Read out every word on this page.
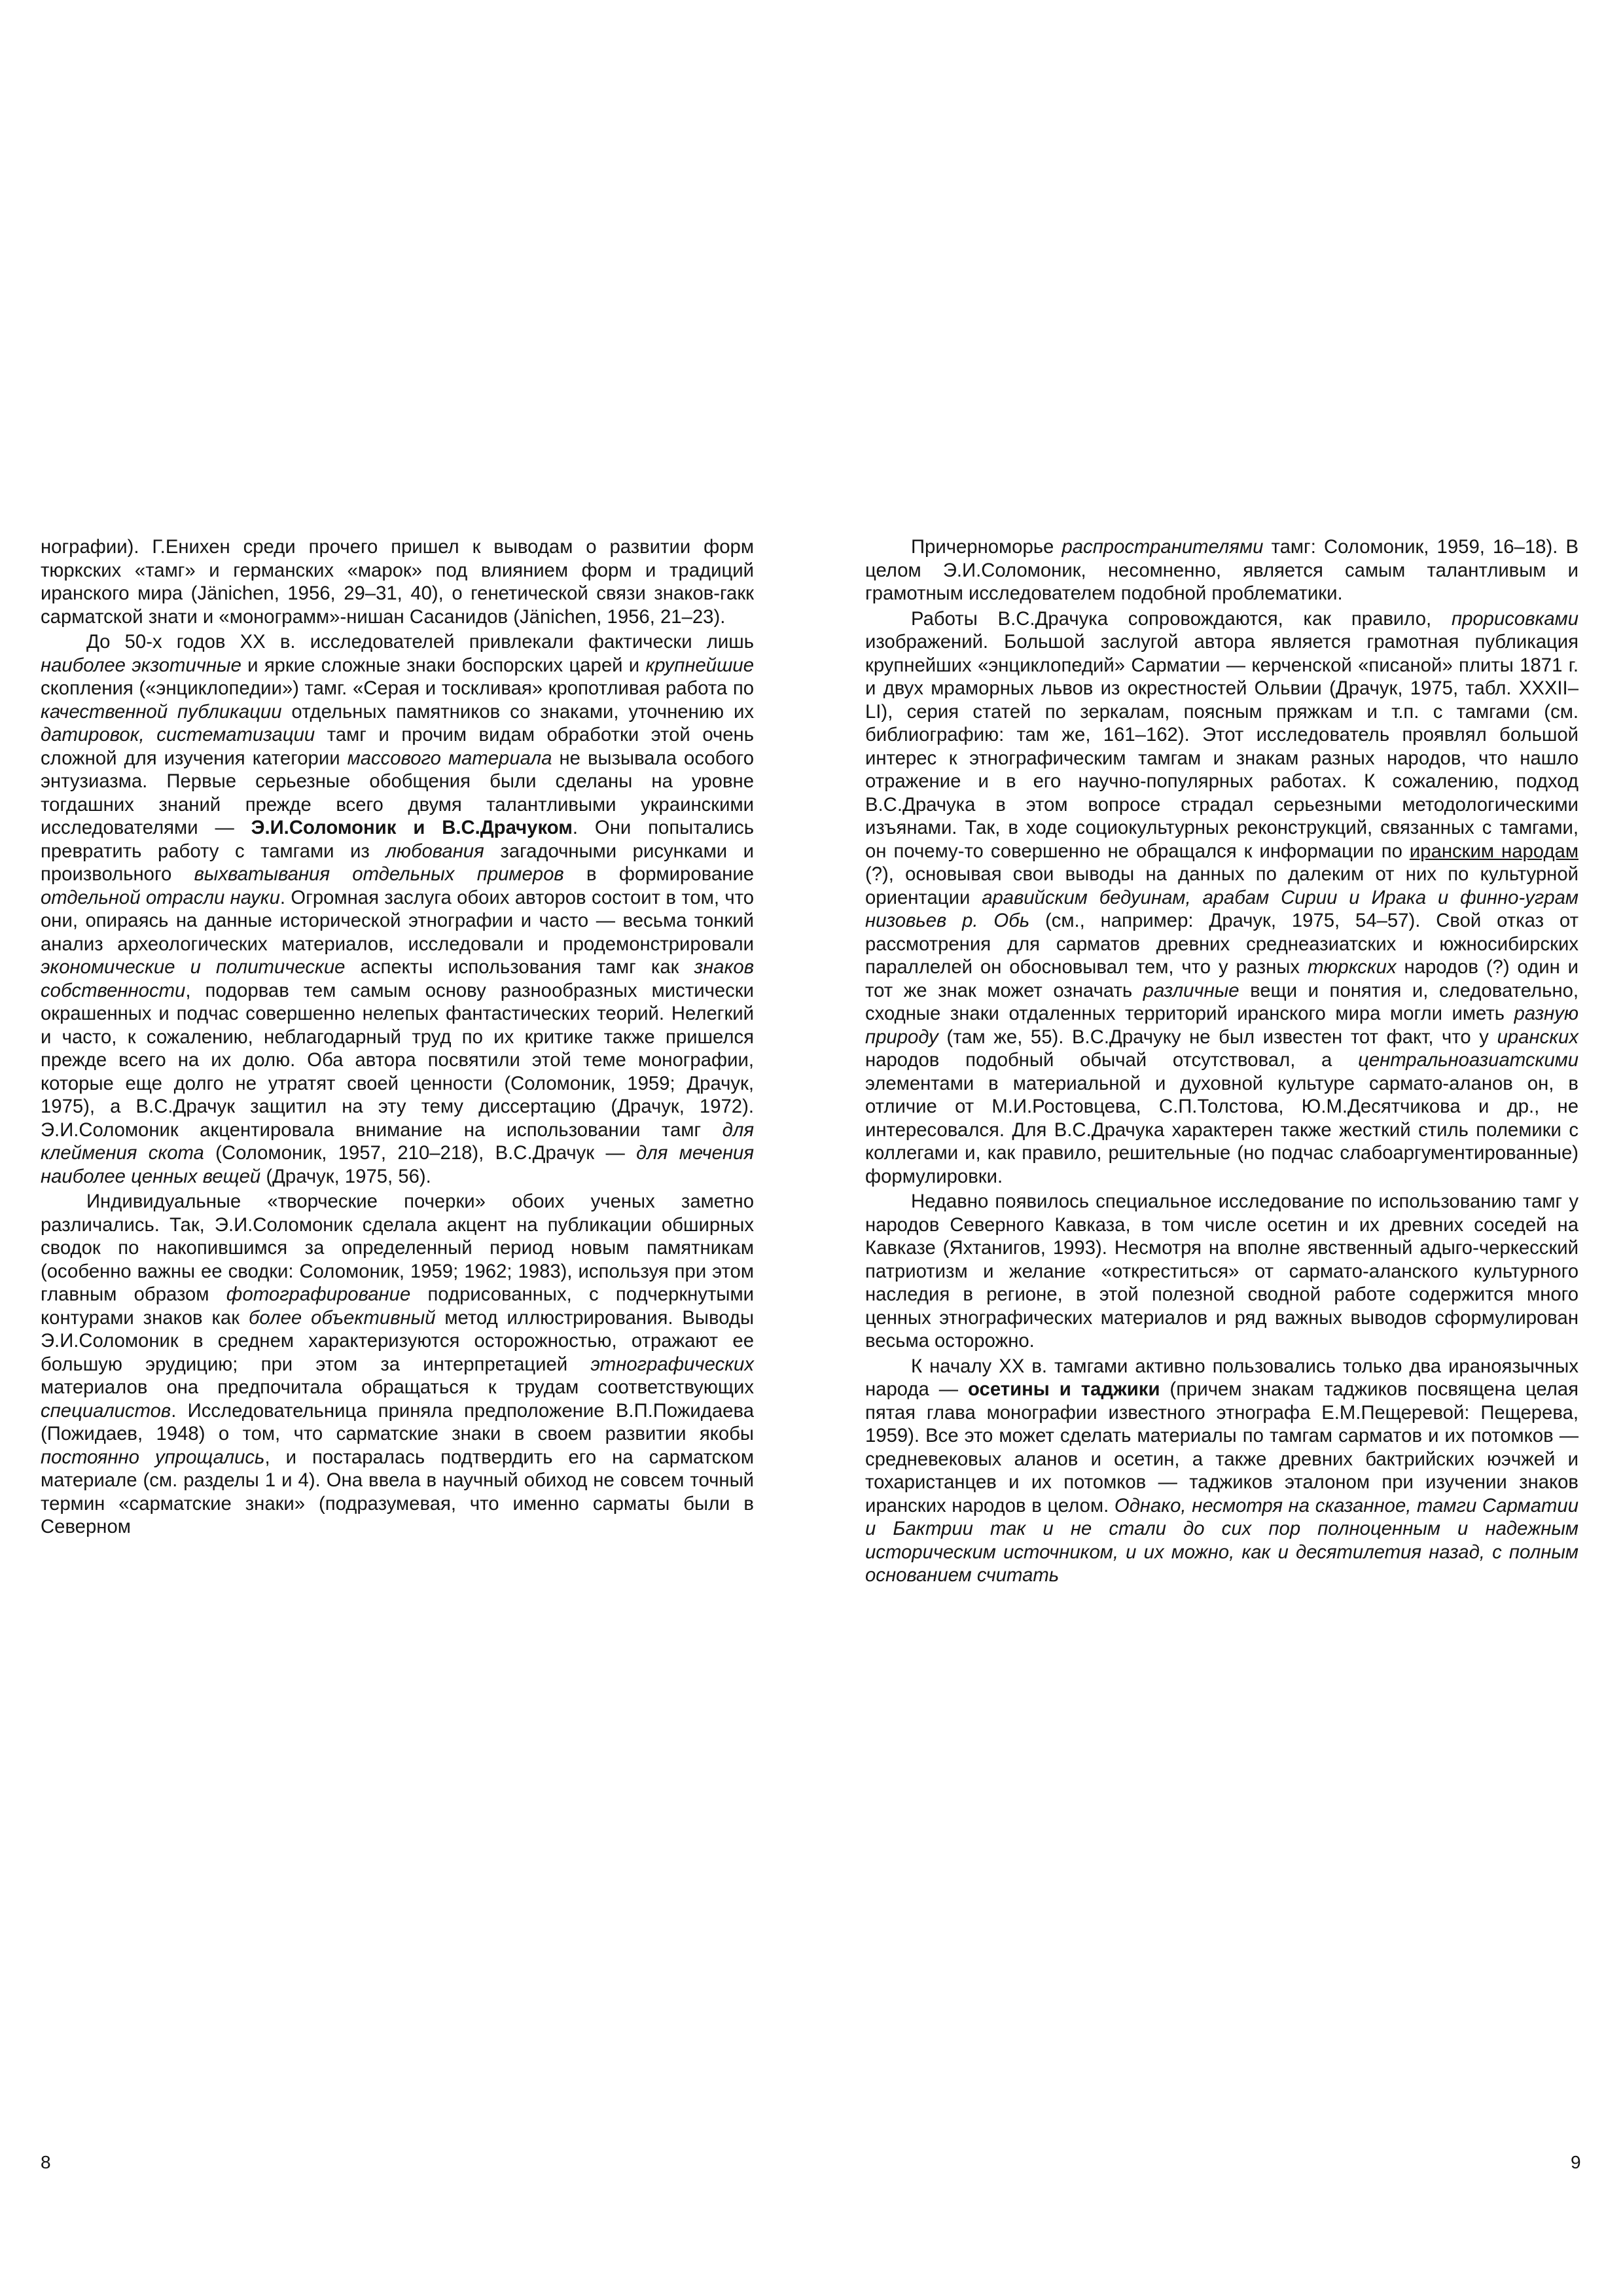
нографии). Г.Енихен среди прочего пришел к выводам о развитии форм тюркских «тамг» и германских «марок» под влиянием форм и традиций иранского мира (Jänichen, 1956, 29–31, 40), о генетической связи знаков-гакк сарматской знати и «монограмм»-нишан Сасанидов (Jänichen, 1956, 21–23).

До 50-х годов XX в. исследователей привлекали фактически лишь наиболее экзотичные и яркие сложные знаки боспорских царей и крупнейшие скопления («энциклопедии») тамг. «Серая и тоскливая» кропотливая работа по качественной публикации отдельных памятников со знаками, уточнению их датировок, систематизации тамг и прочим видам обработки этой очень сложной для изучения категории массового материала не вызывала особого энтузиазма. Первые серьезные обобщения были сделаны на уровне тогдашних знаний прежде всего двумя талантливыми украинскими исследователями — Э.И.Соломоник и В.С.Драчуком. Они попытались превратить работу с тамгами из любования загадочными рисунками и произвольного выхватывания отдельных примеров в формирование отдельной отрасли науки. Огромная заслуга обоих авторов состоит в том, что они, опираясь на данные исторической этнографии и часто — весьма тонкий анализ археологических материалов, исследовали и продемонстрировали экономические и политические аспекты использования тамг как знаков собственности, подорвав тем самым основу разнообразных мистически окрашенных и подчас совершенно нелепых фантастических теорий. Нелегкий и часто, к сожалению, неблагодарный труд по их критике также пришелся прежде всего на их долю. Оба автора посвятили этой теме монографии, которые еще долго не утратят своей ценности (Соломоник, 1959; Драчук, 1975), а В.С.Драчук защитил на эту тему диссертацию (Драчук, 1972). Э.И.Соломоник акцентировала внимание на использовании тамг для клеймения скота (Соломоник, 1957, 210–218), В.С.Драчук — для мечения наиболее ценных вещей (Драчук, 1975, 56).

Индивидуальные «творческие почерки» обоих ученых заметно различались. Так, Э.И.Соломоник сделала акцент на публикации обширных сводок по накопившимся за определенный период новым памятникам (особенно важны ее сводки: Соломоник, 1959; 1962; 1983), используя при этом главным образом фотографирование подрисованных, с подчеркнутыми контурами знаков как более объективный метод иллюстрирования. Выводы Э.И.Соломоник в среднем характеризуются осторожностью, отражают ее большую эрудицию; при этом за интерпретацией этнографических материалов она предпочитала обращаться к трудам соответствующих специалистов. Исследовательница приняла предположение В.П.Пожидаева (Пожидаев, 1948) о том, что сарматские знаки в своем развитии якобы постоянно упрощались, и постаралась подтвердить его на сарматском материале (см. разделы 1 и 4). Она ввела в научный обиход не совсем точный термин «сарматские знаки» (подразумевая, что именно сарматы были в Северном

8

Причерноморье распространителями тамг: Соломоник, 1959, 16–18). В целом Э.И.Соломоник, несомненно, является самым талантливым и грамотным исследователем подобной проблематики.

Работы В.С.Драчука сопровождаются, как правило, прорисовками изображений. Большой заслугой автора является грамотная публикация крупнейших «энциклопедий» Сарматии — керченской «писаной» плиты 1871 г. и двух мраморных львов из окрестностей Ольвии (Драчук, 1975, табл. XXXII–LI), серия статей по зеркалам, поясным пряжкам и т.п. с тамгами (см. библиографию: там же, 161–162). Этот исследователь проявлял большой интерес к этнографическим тамгам и знакам разных народов, что нашло отражение и в его научно-популярных работах. К сожалению, подход В.С.Драчука в этом вопросе страдал серьезными методологическими изъянами. Так, в ходе социокультурных реконструкций, связанных с тамгами, он почему-то совершенно не обращался к информации по иранским народам (?), основывая свои выводы на данных по далеким от них по культурной ориентации аравийским бедуинам, арабам Сирии и Ирака и финно-уграм низовьев р. Обь (см., например: Драчук, 1975, 54–57). Свой отказ от рассмотрения для сарматов древних среднеазиатских и южносибирских параллелей он обосновывал тем, что у разных тюркских народов (?) один и тот же знак может означать различные вещи и понятия и, следовательно, сходные знаки отдаленных территорий иранского мира могли иметь разную природу (там же, 55). В.С.Драчуку не был известен тот факт, что у иранских народов подобный обычай отсутствовал, а центральноазиатскими элементами в материальной и духовной культуре сармато-аланов он, в отличие от М.И.Ростовцева, С.П.Толстова, Ю.М.Десятчикова и др., не интересовался. Для В.С.Драчука характерен также жесткий стиль полемики с коллегами и, как правило, решительные (но подчас слабоаргументированные) формулировки.

Недавно появилось специальное исследование по использованию тамг у народов Северного Кавказа, в том числе осетин и их древних соседей на Кавказе (Яхтанигов, 1993). Несмотря на вполне явственный адыго-черкесский патриотизм и желание «откреститься» от сармато-аланского культурного наследия в регионе, в этой полезной сводной работе содержится много ценных этнографических материалов и ряд важных выводов сформулирован весьма осторожно.

К началу XX в. тамгами активно пользовались только два ираноязычных народа — осетины и таджики (причем знакам таджиков посвящена целая пятая глава монографии известного этнографа Е.М.Пещеревой: Пещерева, 1959). Все это может сделать материалы по тамгам сарматов и их потомков — средневековых аланов и осетин, а также древних бактрийских юэчжей и тохаристанцев и их потомков — таджиков эталоном при изучении знаков иранских народов в целом. Однако, несмотря на сказанное, тамги Сарматии и Бактрии так и не стали до сих пор полноценным и надежным историческим источником, и их можно, как и десятилетия назад, с полным основанием считать

9
